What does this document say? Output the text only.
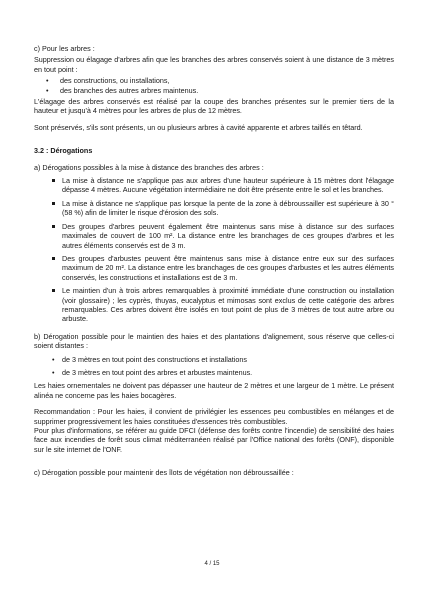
c) Pour les arbres :

Suppression ou élagage d'arbres afin que les branches des arbres conservés soient à une distance de 3 mètres en tout point :

• des constructions, ou installations,
• des branches des autres arbres maintenus.

L'élagage des arbres conservés est réalisé par la coupe des branches présentes sur le premier tiers de la hauteur et jusqu'à 4 mètres pour les arbres de plus de 12 mètres.

Sont préservés, s'ils sont présents, un ou plusieurs arbres à cavité apparente et arbres taillés en têtard.

3.2 : Dérogations

a) Dérogations possibles à la mise à distance des branches des arbres :

La mise à distance ne s'applique pas aux arbres d'une hauteur supérieure à 15 mètres dont l'élagage dépasse 4 mètres. Aucune végétation intermédiaire ne doit être présente entre le sol et les branches.
La mise à distance ne s'applique pas lorsque la pente de la zone à débroussailler est supérieure à 30 ° (58 %) afin de limiter le risque d'érosion des sols.
Des groupes d'arbres peuvent également être maintenus sans mise à distance sur des surfaces maximales de couvert de 100 m². La distance entre les branchages de ces groupes d'arbres et les autres éléments conservés est de 3 m.
Des groupes d'arbustes peuvent être maintenus sans mise à distance entre eux sur des surfaces maximum de 20 m². La distance entre les branchages de ces groupes d'arbustes et les autres éléments conservés, les constructions et installations est de 3 m.
Le maintien d'un à trois arbres remarquables à proximité immédiate d'une construction ou installation (voir glossaire) ; les cyprès, thuyas, eucalyptus et mimosas sont exclus de cette catégorie des arbres remarquables. Ces arbres doivent être isolés en tout point de plus de 3 mètres de tout autre arbre ou arbuste.

b) Dérogation possible pour le maintien des haies et des plantations d'alignement, sous réserve que celles-ci soient distantes :

• de 3 mètres en tout point des constructions et installations
• de 3 mètres en tout point des arbres et arbustes maintenus.

Les haies ornementales ne doivent pas dépasser une hauteur de 2 mètres et une largeur de 1 mètre. Le présent alinéa ne concerne pas les haies bocagères.

Recommandation : Pour les haies, il convient de privilégier les essences peu combustibles en mélanges et de supprimer progressivement les haies constituées d'essences très combustibles.

Pour plus d'informations, se référer au guide DFCI (défense des forêts contre l'incendie) de sensibilité des haies face aux incendies de forêt sous climat méditerranéen réalisé par l'Office national des forêts (ONF), disponible sur le site internet de l'ONF.

c) Dérogation possible pour maintenir des îlots de végétation non débroussaillée :

4 / 15
